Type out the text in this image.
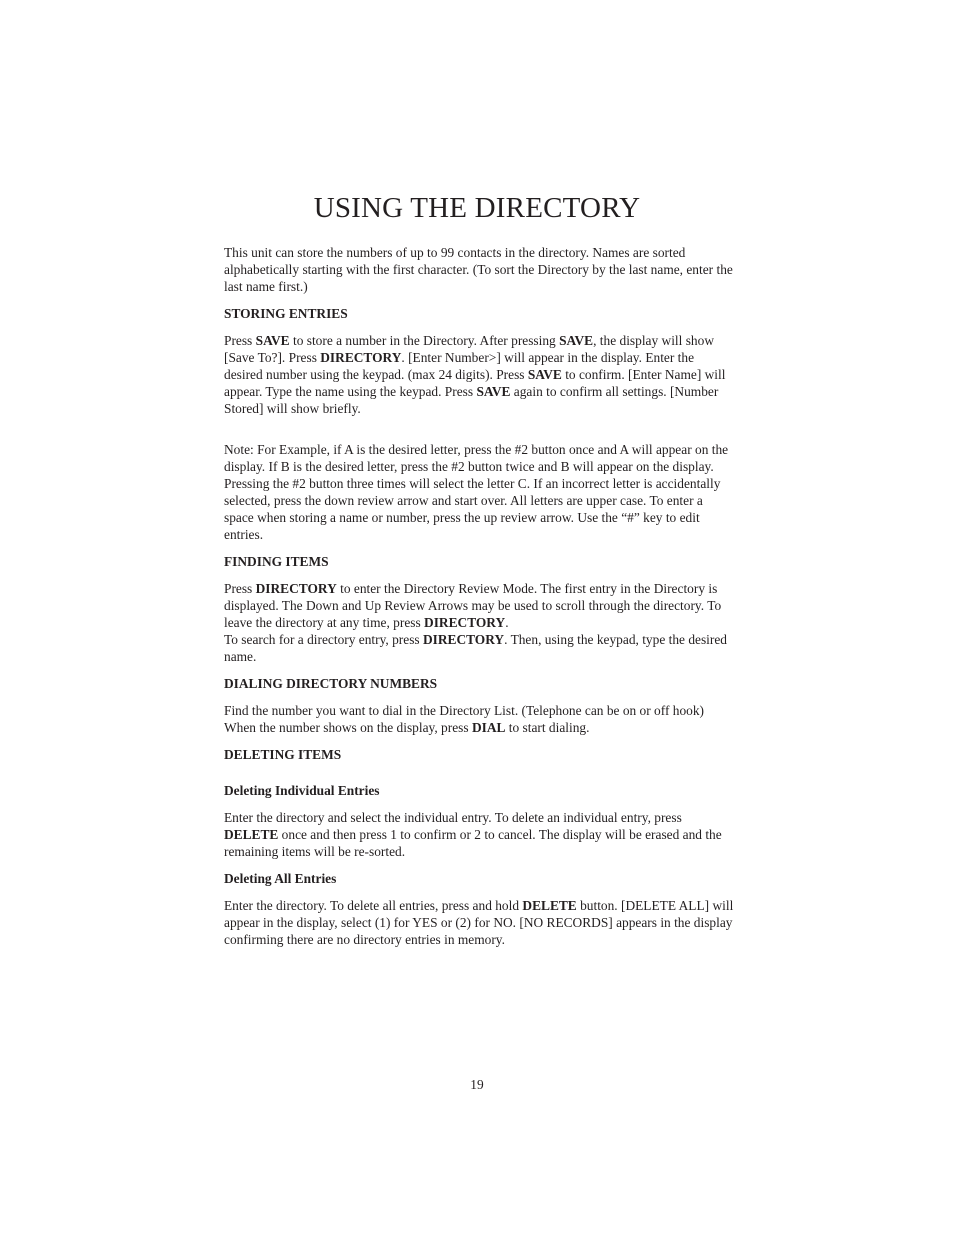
USING THE DIRECTORY

This unit can store the numbers of up to 99 contacts in the directory. Names are sorted alphabetically starting with the first character. (To sort the Directory by the last name, enter the last name first.)

STORING ENTRIES

Press SAVE to store a number in the Directory. After pressing SAVE, the display will show [Save To?]. Press DIRECTORY. [Enter Number>] will appear in the display. Enter the desired number using the keypad. (max 24 digits). Press SAVE to confirm. [Enter Name] will appear. Type the name using the keypad. Press SAVE again to confirm all settings. [Number Stored] will show briefly.

Note: For Example, if A is the desired letter, press the #2 button once and A will appear on the display. If B is the desired letter, press the #2 button twice and B will appear on the display. Pressing the #2 button three times will select the letter C. If an incorrect letter is accidentally selected, press the down review arrow and start over. All letters are upper case. To enter a space when storing a name or number, press the up review arrow. Use the “#” key to edit entries.

FINDING ITEMS

Press DIRECTORY to enter the Directory Review Mode. The first entry in the Directory is displayed. The Down and Up Review Arrows may be used to scroll through the directory. To leave the directory at any time, press DIRECTORY.

To search for a directory entry, press DIRECTORY. Then, using the keypad, type the desired name.

DIALING DIRECTORY NUMBERS

Find the number you want to dial in the Directory List. (Telephone can be on or off hook) When the number shows on the display, press DIAL to start dialing.

DELETING ITEMS
Deleting Individual Entries

Enter the directory and select the individual entry. To delete an individual entry, press DELETE once and then press 1 to confirm or 2 to cancel. The display will be erased and the remaining items will be re-sorted.

Deleting All Entries

Enter the directory. To delete all entries, press and hold DELETE button. [DELETE ALL] will appear in the display, select (1) for YES or (2) for NO. [NO RECORDS] appears in the display confirming there are no directory entries in memory.

19
